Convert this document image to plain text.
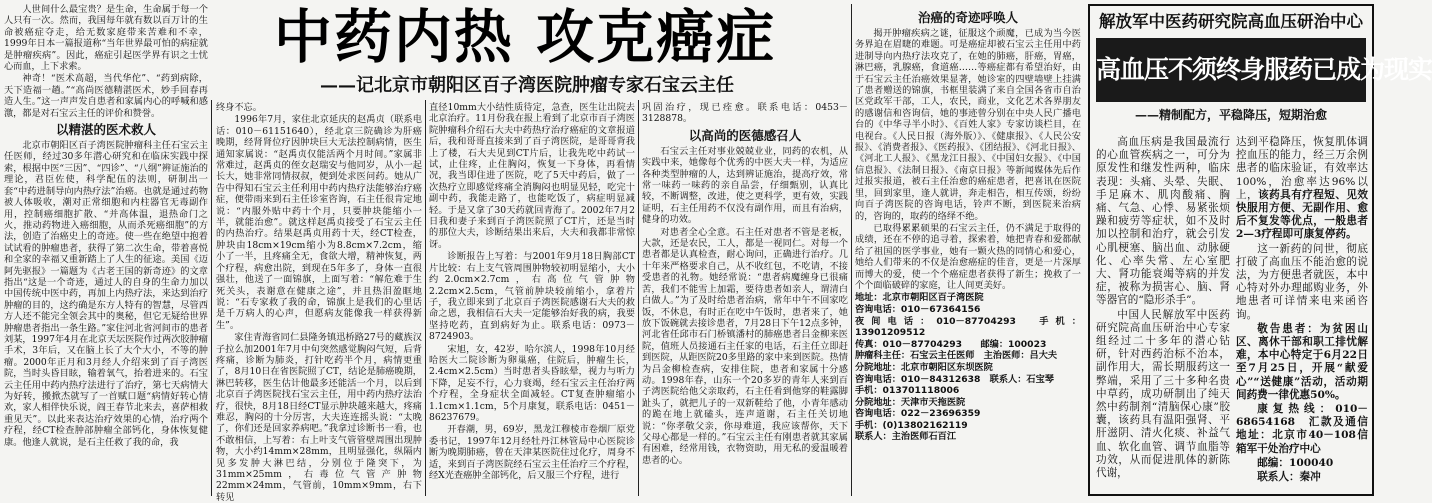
中药内热 攻克癌症
——记北京市朝阳区百子湾医院肿瘤专家石宝云主任

人世间什么最宝贵？是生命，生命属于每一个人只有一次。然而，我国每年就有数以百万计的生命被癌症夺走，给无数家庭带来苦难和不幸，1999年日本一篇报道称“当年世界最可怕的病症就是肿瘤疾病”。因此，癌症引起医学界有识之士忧心而血，上下求索。

神奇！“医术高超，当代华佗”、“药到病除，天下造福一趟。”“高尚医德精湛医术，妙手回春再造人生。”这一声声发自患者和家属内心的呼喊和感激，都是对石宝云主任的评价和赞誉。

以精湛的医术救人

北京市朝阳区百子湾医院肿瘤科主任石宝云主任医师，经过30多年潜心研究和在临床实践中探索，根据中医“三因”、“四诊”、“八纲”辨证施治的理论，君臣佐使，科学配伍的法则，研制出一套“中药进制导向内热疗法”治癌。也就是通过药物被人体吸收，潮对正常细胞和内柱器官无毒副作用，控制癌细胞扩散、“并高体温，退热命门之火，推动药物进入癌细胞，从而杀死癌细胞”的方法，创造了治癌史上的奇迹。使一些在绝望中抱着试试看的肿瘤患者，获得了第二次生命，带着喜悦和全家的幸福又重新踏上了人生的征途。美国《迈阿先驱报》一篇题为《古老王国的新奇迹》的文章指出“这是一个奇迹，通过人的自身的生命力加以中国传统中医中药，再加上内热疗法，来达到治疗肿瘤的目的，这约确是东方人特有的智慧，尽管西方人还不能完全领会其中的奥秘，但它无疑给世界肿瘤患者指出一条生路。”家住河北省河间市的患者刘某，1997年4月在北京天坛医院作过两次胶肿瘤手术，3年后，又在脑上长了大个大小，不等的肿瘤。2000年正月和3月经人介绍来到了百子湾医院，当时头昏目眩，输着氧气，抬着进来的。石宝云主任用中药内热疗法进行了治疗，第七天病情大为好转，搬掀杰就写了一首赋口题“病情好转心情欢，家人相伴快乐说，阎王春节北来去，喜萨相救重见天”。以此来表达治疗效果的心情，治疗两个疗程，经CT检查肿部肿瘤全部钙化，身体恢复健康。他逢人就说，是石主任救了我的命，我

终身不忘。

1996年7月，家住北京延庆的赵禹贞（联系电话：010－61151640），经北京三院确诊为肝癌晚期，经肾肾位疗因肿块巨大无法控制病情，医生通知家属说：“赵禹贞仅能活两个月时间。”家属非常难过，赵禹贞的侄女赵瑞安与他同岁，从小一起长大，她非常同情叔叔，便到处求医问药。她从广告中得知石宝云主任利用中药内热疗法能够治疗癌症，便带雨来到石主任诊室咨询，石主任很肯定地说：“内服外贴中药十个月，只要肿块能缩小一半，就能治愈”。就这样赵禹贞接受了石宝云主任的内热治疗。结果赵禹贞用药十天，经CT检查，肿块由18cm×19cm缩小为8.8cm×7.2cm，缩小了一半，且疼痛全无，食欲大增，精神恢复，两个疗程，病愈出院，到现在5年多了，身体一直很强壮，他送了一面锦旗，上面写着：“解危难于生死关头，表谢意在健康之途”，并且热泪盈眶地说：“石专家救了我的命，锦旗上是我们的心里话是千万病人的心声，但愿病友能像我一样获得新生”。

家住青海省同仁县隆务镇迅桥路27号的藏族汉子拉么加2001年7月中旬突然感觉胸闷气短，后背疼痛，诊断为肺炎，打针吃药半个月，病情更重了，8月10日在省医院照了CT，结论是肺癌晚期，淋巴转移，医生估计他最多还能活一个月，以后到北京百子湾医院找石宝云主任，用中药内热疗法治疗，很快，8月18日经CT显示肿块越来越大，疼痛难忍，胸闷的十分厉害，大夫连连摇头说：“太晚了，你们还是回家养病吧。”我拿过诊断书一看，也不敢相信，上写着：右上叶支气管管壁周围出现肿物，大小约14mm×28mm，且明显强化，纵隔内见多发肿大淋巴结，分别位于隆突下，为31mm×25mm，右毒位气管产肿物22mm×24mm，气管前，10mm×9mm，右下转见

直径10mm大小结性质待定，急查，医生让出院去北京治疗。11月份我在报上看到了北京市百子湾医院肿瘤科介绍石大夫中药热疗治疗癌症的文章报道后，我和哥哥直接来到了百子湾医院，是哥哥背我上了楼，石大夫见到CT片后，让我先吃中药试一试，止住疼，止住胸闷，恢复一下身体，再看情况，我当即住进了医院，吃了5天中药后，做了一次热疗立即感觉疼痛全消胸闷也明显见轻，吃完十副中药，我能走路了，也能吃饭了，病症明显减轻。于是又拿了30天药就回青海了。2002年7月2日我和妻子来到百子湾医院照了CT片，还是当时的那位大夫，诊断结果出来后，大夫和我都非常惊讶。

诊断报告上写着：与2001年9月18日胸部CT片比较：右上支气管周围肿物较初明显缩小，大小约2.0cm×2.7cm，右高位气管肿物2.2cm×2.5cm，气管前肿块较前缩小，拿着片子，我立即来到了北京百子湾医院感谢石大夫的救命之恩，我相信石大夫一定能够治好我的病，我要坚持吃药，直到病好为止。联系电话：0973－8724903。

宋旭，女，42岁，哈尔滨人，1998年10月经哈医大二院诊断为卵巢癌，住院后，肿瘤生长，2.4cm×2.5cm）当时患者头昏眩晕，视力与听力下降，足妄不行，心力衰竭，经石宝云主任治疗两个疗程，全身症状全面减轻。CT复查肿瘤缩小1.1cm×1.1cm，5个月康复，联系电话：0451－86237679。

开春潮，男，69岁，黑龙江穆棱市卷烟厂原党委书记，1997年12月经牡丹江林管局中心医院诊断为晚期肺癌，曾在天津某医院住过化疗，周身不适，来到百子湾医院经石宝云主任治疗三个疗程，经X光查癌肿全部钙化，后又服三个疗程，进行

巩固治疗，现已痊愈。联系电话：0453－3128878。

以高尚的医德感召人

石宝云主任对事业兢兢业业，同药的农机，从实践中来，她像每个优秀的中医大夫一样，为适应各种类型肿瘤的人，达到辨证施治，提高疗效，常常一味药一味药的亲自品尝，仔细甄别，认真比较，不断调整，改进，使之更科学，更有效，实践证明，石主任用药不仅没有副作用，而且有治病，健身的功效。

对患者全心全意。石主任对患者不管是老板，大款，还是农民，工人，都是一视同仁。对每一个患者都是认真检查，耐心询问，正确进行治疗。几十年来严格要求自己，从不收红包，不吃请，不接受患者的礼物。她经常说：“患者病魔缠身已很痛苦，我们不能雪上加霜，要待患者如亲人，谓清白白做人。”为了及时给患者治病，常年中午不回家吃饭，不休息，有时正在吃中午饭时，患者来了，她放下饭碗就去接诊患者，7月28日下午12点多钟，河北省任邱市石门桥镇潘村的肺癌患者吕金柳来医院，值班人员接通石主任家的电话，石主任立即赶到医院，从距医院20多里路的家中来到医院。热情为吕金柳检查病，安排住院，患者和家属十分感动。1998年春，山东一个20多岁的青年人来到百子湾医院给他父亲取药，石主任看到他穿的鞋露脚趾头了，就把儿子的一双新鞋给了他，小青年感动的跪在地上就磕头，连声道谢，石主任关切地说：“你孝敬父亲，你母难道，我应该帮你，天下父母心都是一样的。”石宝云主任有刚患者就其家属有困难，经常用钱，衣物资助，用无私的爱温暖着患者的心。

治癌的奇迹呼唤人

揭开肿瘤疾病之谜，征服这个顽魔，已成为当今医务界迫在眉睫的难题。可是癌症却被石宝云主任用中药进制导向内热疗法攻克了，在她的肺癌，肝癌，胃癌，淋巴癌，乳腺癌，食道癌……等癌症都有希望治好，由于石宝云主任治癌效果显著，她诊室的四壁墙壁上挂满了患者赠送的锦旗，书框里装满了来自全国各省市自治区党政军干部，工人，农民，商业，文化艺术各界朋友的感谢信和咨询信，她的事迹曾分别在中央人民广播电台的《中华寻半小时》、《百姓人家》专家访谈栏目，在电视台。《人民日报（海外版）》、《健康报》、《人民公安报》、《消费者报》、《医药报》、《团结报》、《河北日报》、《河北工人报》、《黑龙江日报》、《中国妇女报》、《中国信息报》、《法制日报》、《南京日报》等新闻媒体先后作过报实报道，被石主任治愈的癌症患者，把喜讯在医院里，回到家里，逢人就讲，奔走相告，相互传颂，纷纷向百子湾医院的咨询电话，铃声不断，到医院来治病的，咨询的，取药的络绎不绝。

已取得累累硕果的石宝云主任，仍不满足于取得的成绩，还在不停的追寻着，探索着，她把青春和爱都献给了祖国的医学事业，她有一颗火热的同情心和爱心，她给人们带来的不仅是治愈癌症的佳音，更是一片深厚而博大的爱，使一个个癌症患者获得了新生；挽救了一个个面临破碎的家庭，让人间更美好。

地址：北京市朝阳区百子湾医院

咨询电话：010－67364156

夜间电话：010－87704293　手机：13901209512

传真：010－87704293　　邮编：100023

肿瘤科主任：石宝云主任医师　主治医师：吕大夫

分院地址：北京市朝阳区东坝医院

咨询电话：010－84312638　联系人：石宝琴

手机：013701118006

分院地址：天津市天拖医院

咨询电话：022－23696359

手机：(0)13802162119

联系人：主治医师石百江

解放军中医药研究院高血压研治中心
高血压不须终身服药已成为现实
——精制配方，平稳降压，短期治愈

高血压病是我国最流行的心血管疾病之一，可分为原发性和继发性两种，临床表现：头痛、头晕、失眠、手足麻木、肌肉酸痛、胸痛、气急、心悸、易紧张烦躁和疲劳等症状，如不及时加以控制和治疗，就会引发心肌梗塞、脑出血、动脉硬化、心率失常、左心室肥大、肾功能衰竭等病的并发症，被称为损害心、脑、肾等器官的“隐形杀手”。

中国人民解放军中医药研究院高血压研治中心专家组经过二十多年的潜心钻研，针对西药治标不治本，副作用大，需长期服药这一弊端，采用了三十多种名贵中草药，成功研制出了纯天然中药制剂“清脑保心康”胶囊，该药具有温阳强肾、平肝滋阴、清火化痰、补益气血、软化血管、调节血脂等功效，从而促进肌体的新陈代谢，

达到平稳降压，恢复肌体调控血压的能力，经三万余例患者的临床验证，有效率达100%，治愈率达96%以上，该药具有疗程短、见效快服用方便、无副作用、愈后不复发等优点，一般患者2—3疗程即可康复停药。

这一新药的问世，彻底打破了高血压不能治愈的说法，为方便患者就医，本中心特对外办理邮购业务，外地患者可详情来电来函咨询。

敬告患者：为贫困山区、离休干部和职工排忧解难，本中心特定于6月22日至7月25日，开展“献爱心”“送健康”活动，活动期间药费一律优惠50%。

康复热线：010－68654168　汇款及通信地址：北京市40－108信箱军干处治疗中心

邮编：100040

联系人：秦冲
